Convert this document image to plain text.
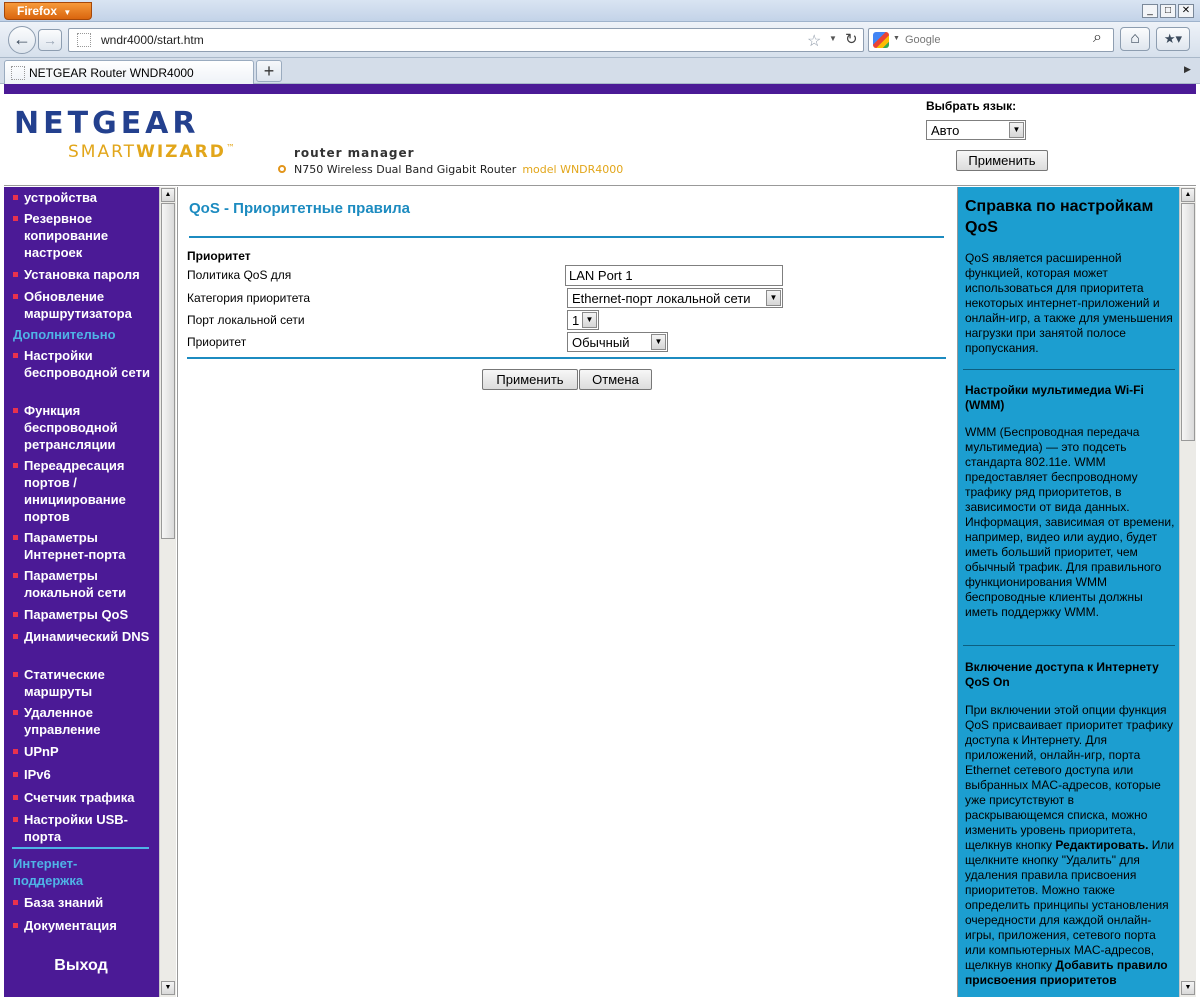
Firefox ▼	_	□	✕
← →	wndr4000/start.htm	☆ ▼ ↻	▼ Google	⌕	⌂	★▾
NETGEAR Router WNDR4000	+	▶
NETGEAR
SMARTWIZARD™	router manager
N750 Wireless Dual Band Gigabit Router model WNDR4000
Выбрать язык:
Авто	▼
Применить
устройства
Резервное копирование настроек
Установка пароля
Обновление маршрутизатора
Дополнительно
Настройки беспроводной сети
Функция беспроводной ретрансляции
Переадресация портов / инициирование портов
Параметры Интернет-порта
Параметры локальной сети
Параметры QoS
Динамический DNS
Статические маршруты
Удаленное управление
UPnP
IPv6
Счетчик трафика
Настройки USB-порта
Интернет-поддержка
База знаний
Документация
Выход
▲
▼
QoS - Приоритетные правила
Приоритет
Политика QoS для	LAN Port 1
Категория приоритета	Ethernet-порт локальной сети	▼
Порт локальной сети	1 ▼
Приоритет	Обычный	▼
Применить	Отмена
Справка по настройкам QoS
QoS является расширенной функцией, которая может использоваться для приоритета некоторых интернет-приложений и онлайн-игр, а также для уменьшения нагрузки при занятой полосе пропускания.
Настройки мультимедиа Wi-Fi (WMM)
WMM (Беспроводная передача мультимедиа) — это подсеть стандарта 802.11e. WMM предоставляет беспроводному трафику ряд приоритетов, в зависимости от вида данных. Информация, зависимая от времени, например, видео или аудио, будет иметь больший приоритет, чем обычный трафик. Для правильного функционирования WMM беспроводные клиенты должны иметь поддержку WMM.
Включение доступа к Интернету QoS On
При включении этой опции функция QoS присваивает приоритет трафику доступа к Интернету. Для приложений, онлайн-игр, порта Ethernet сетевого доступа или выбранных MAC-адресов, которые уже присутствуют в раскрывающемся списка, можно изменить уровень приоритета, щелкнув кнопку Редактировать. Или щелкните кнопку "Удалить" для удаления правила присвоения приоритетов. Можно также определить принципы установления очередности для каждой онлайн-игры, приложения, сетевого порта или компьютерных MAC-адресов, щелкнув кнопку Добавить правило присвоения приоритетов
▲
▼
